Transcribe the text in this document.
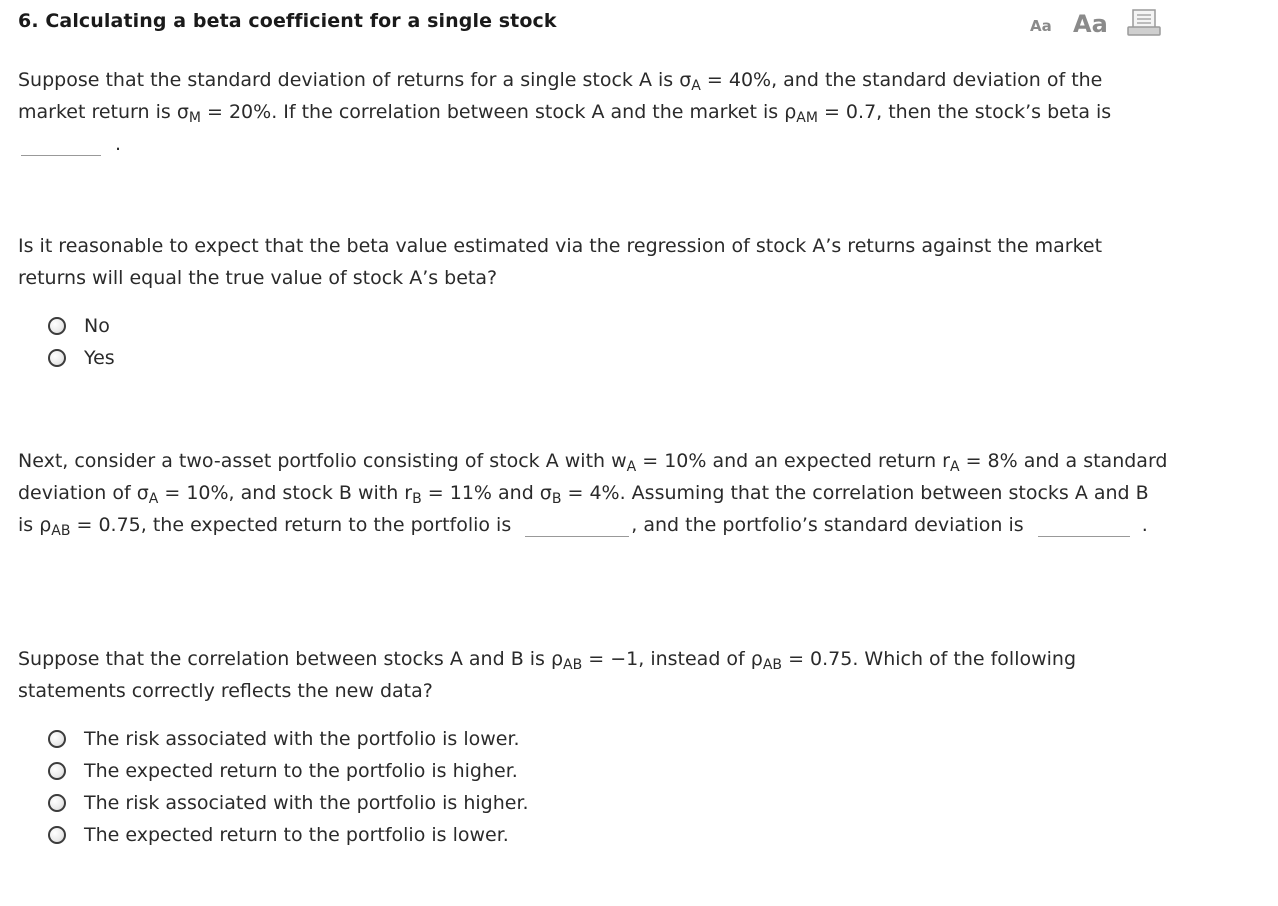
6. Calculating a beta coefficient for a single stock	Aa Aa
Suppose that the standard deviation of returns for a single stock A is $\sigma_A = 40\%$, and the standard deviation of the market return is $\sigma_M = 20\%$. If the correlation between stock A and the market is $\rho_{AM} = 0.7$, then the stock’s beta is
.
Is it reasonable to expect that the beta value estimated via the regression of stock A’s returns against the market returns will equal the true value of stock A’s beta?
No
Yes
Next, consider a two-asset portfolio consisting of stock A with $w_A = 10\%$ and an expected return $r_A = 8\%$ and a standard deviation of $\sigma_A = 10\%$, and stock B with $r_B = 11\%$ and $\sigma_B = 4\%$. Assuming that the correlation between stocks A and B is $\rho_{AB} = 0.75$, the expected return to the portfolio is	, and the portfolio’s standard deviation is	.
Suppose that the correlation between stocks A and B is $\rho_{AB} = -1$, instead of $\rho_{AB} = 0.75$. Which of the following statements correctly reflects the new data?
The risk associated with the portfolio is lower.
The expected return to the portfolio is higher.
The risk associated with the portfolio is higher.
The expected return to the portfolio is lower.
